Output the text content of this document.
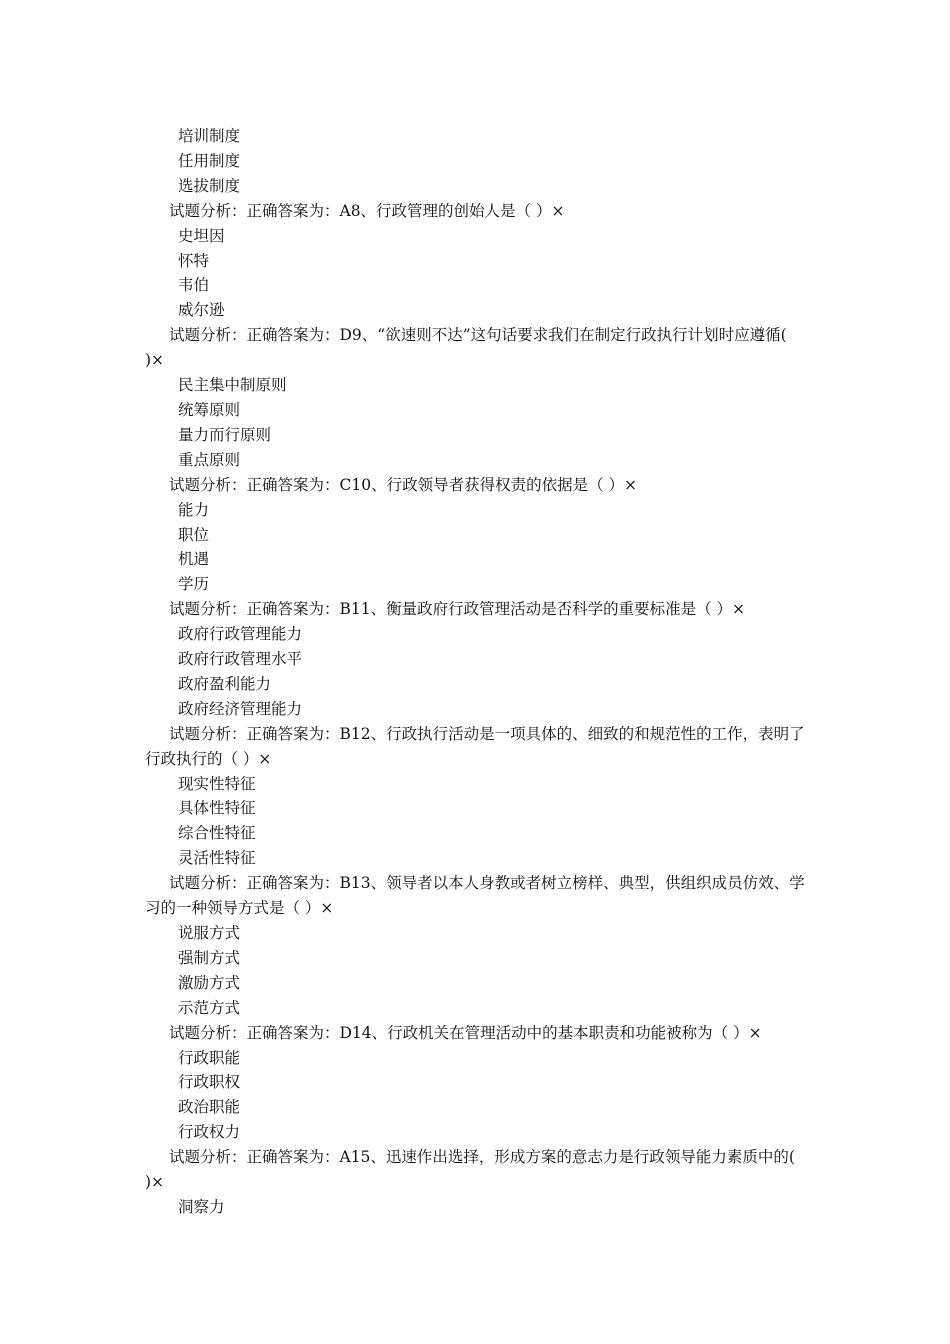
培训制度
任用制度
选拔制度
试题分析：正确答案为：A8、行政管理的创始人是（ ）×
史坦因
怀特
韦伯
威尔逊
试题分析：正确答案为：D9、“欲速则不达”这句话要求我们在制定行政执行计划时应遵循( )×
民主集中制原则
统筹原则
量力而行原则
重点原则
试题分析：正确答案为：C10、行政领导者获得权责的依据是（ ）×
能力
职位
机遇
学历
试题分析：正确答案为：B11、衡量政府行政管理活动是否科学的重要标准是（ ）×
政府行政管理能力
政府行政管理水平
政府盈利能力
政府经济管理能力
试题分析：正确答案为：B12、行政执行活动是一项具体的、细致的和规范性的工作，表明了行政执行的（ ）×
现实性特征
具体性特征
综合性特征
灵活性特征
试题分析：正确答案为：B13、领导者以本人身教或者树立榜样、典型，供组织成员仿效、学习的一种领导方式是（ ）×
说服方式
强制方式
激励方式
示范方式
试题分析：正确答案为：D14、行政机关在管理活动中的基本职责和功能被称为（ ）×
行政职能
行政职权
政治职能
行政权力
试题分析：正确答案为：A15、迅速作出选择，形成方案的意志力是行政领导能力素质中的( )×
洞察力
